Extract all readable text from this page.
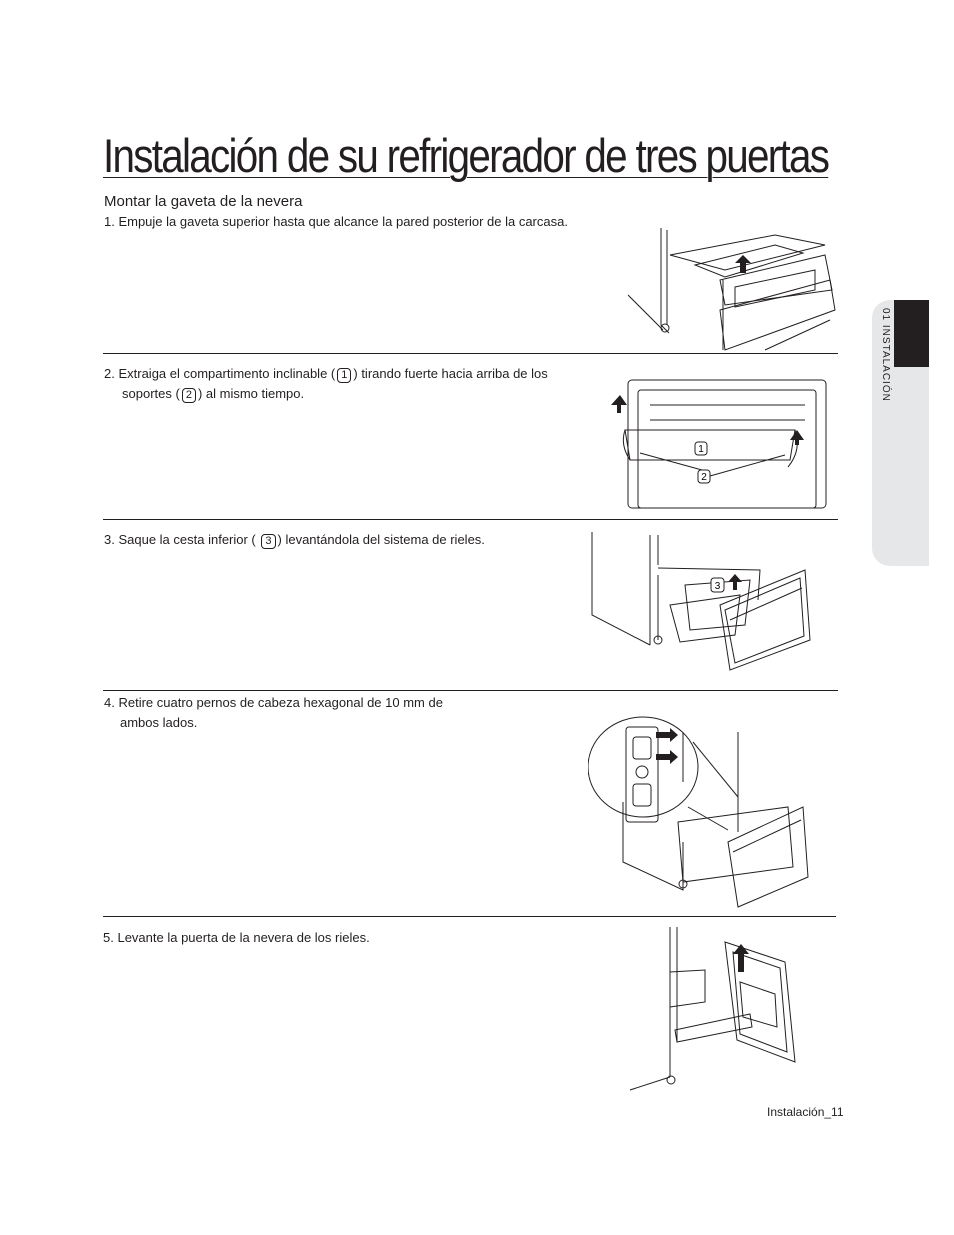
Instalación de su refrigerador de tres puertas
Montar la gaveta de la nevera
1. Empuje la gaveta superior hasta que alcance la pared posterior de la carcasa.
2. Extraiga el compartimento inclinable ( 1 ) tirando fuerte hacia arriba de los
soportes ( 2 ) al mismo tiempo.
1
2
3. Saque la cesta inferior ( 3 ) levantándola del sistema de rieles.
3
4. Retire cuatro pernos de cabeza hexagonal de 10 mm de
ambos lados.
5. Levante la puerta de la nevera de los rieles.
01 INSTALACIÓN
Instalación_11
